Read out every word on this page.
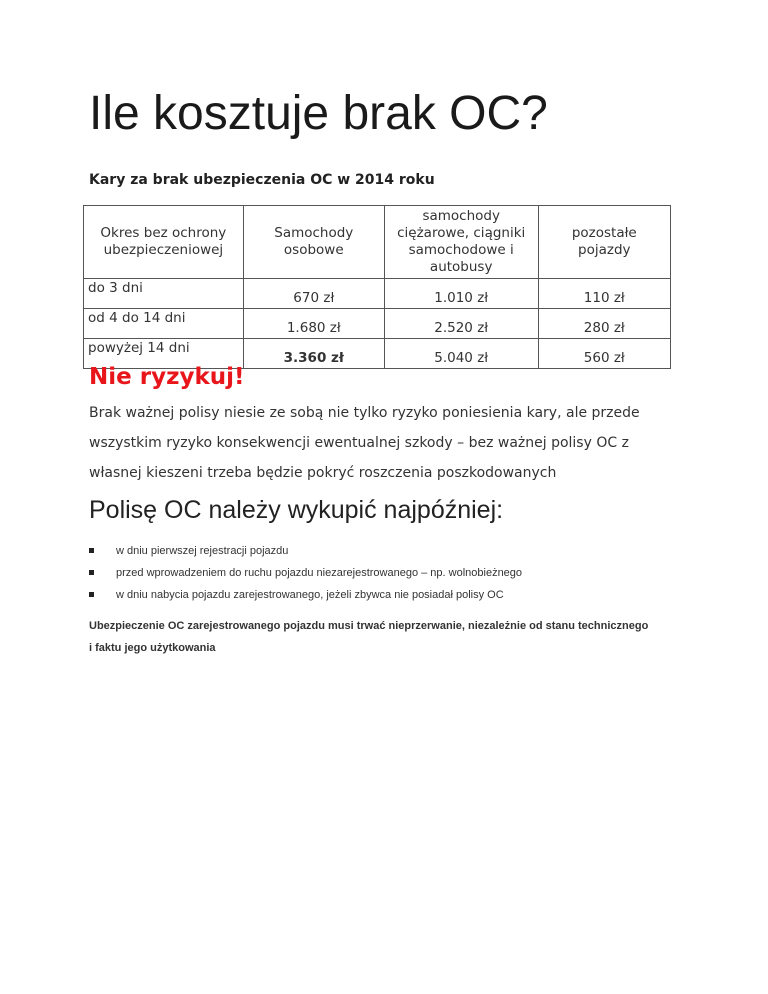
Ile kosztuje brak OC?

Kary za brak ubezpieczenia OC w 2014 roku

Okres bez ochrony ubezpieczeniowej	Samochody osobowe	samochody ciężarowe, ciągniki samochodowe i autobusy	pozostałe pojazdy
do 3 dni	670 zł	1.010 zł	110 zł
od 4 do 14 dni	1.680 zł	2.520 zł	280 zł
powyżej 14 dni	3.360 zł	5.040 zł	560 zł
Nie ryzykuj!

Brak ważnej polisy niesie ze sobą nie tylko ryzyko poniesienia kary, ale przede wszystkim ryzyko konsekwencji ewentualnej szkody – bez ważnej polisy OC z własnej kieszeni trzeba będzie pokryć roszczenia poszkodowanych

Polisę OC należy wykupić najpóźniej:
w dniu pierwszej rejestracji pojazdu
przed wprowadzeniem do ruchu pojazdu niezarejestrowanego – np. wolnobieżnego
w dniu nabycia pojazdu zarejestrowanego, jeżeli zbywca nie posiadał polisy OC

Ubezpieczenie OC zarejestrowanego pojazdu musi trwać nieprzerwanie, niezależnie od stanu technicznego i faktu jego użytkowania
